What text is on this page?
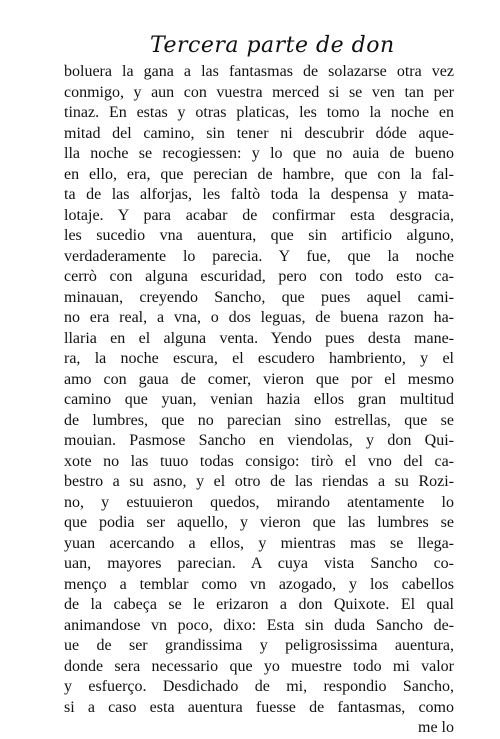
Tercera parte de don
boluera la gana a las fantasmas de solazarse otra vez
conmigo, y aun con vuestra merced si se ven tan per
tinaz. En estas y otras platicas, les tomo la noche en
mitad del camino, sin tener ni descubrir dóde aque-
lla noche se recogiessen: y lo que no auia de bueno
en ello, era, que perecian de hambre, que con la fal-
ta de las alforjas, les faltò toda la despensa y mata-
lotaje. Y para acabar de confirmar esta desgracia,
les sucedio vna auentura, que sin artificio alguno,
verdaderamente lo parecia. Y fue, que la noche
cerrò con alguna escuridad, pero con todo esto ca-
minauan, creyendo Sancho, que pues aquel cami-
no era real, a vna, o dos leguas, de buena razon ha-
llaria en el alguna venta. Yendo pues desta mane-
ra, la noche escura, el escudero hambriento, y el
amo con gaua de comer, vieron que por el mesmo
camino que yuan, venian hazia ellos gran multitud
de lumbres, que no parecian sino estrellas, que se
mouian. Pasmose Sancho en viendolas, y don Qui-
xote no las tuuo todas consigo: tirò el vno del ca-
bestro a su asno, y el otro de las riendas a su Rozi-
no, y estuuieron quedos, mirando atentamente lo
que podia ser aquello, y vieron que las lumbres se
yuan acercando a ellos, y mientras mas se llega-
uan, mayores parecian. A cuya vista Sancho co-
menço a temblar como vn azogado, y los cabellos
de la cabeça se le erizaron a don Quixote. El qual
animandose vn poco, dixo: Esta sin duda Sancho de-
ue de ser grandissima y peligrosissima auentura,
donde sera necessario que yo muestre todo mi valor
y esfuerço. Desdichado de mi, respondio Sancho,
si a caso esta auentura fuesse de fantasmas, como
me lo
